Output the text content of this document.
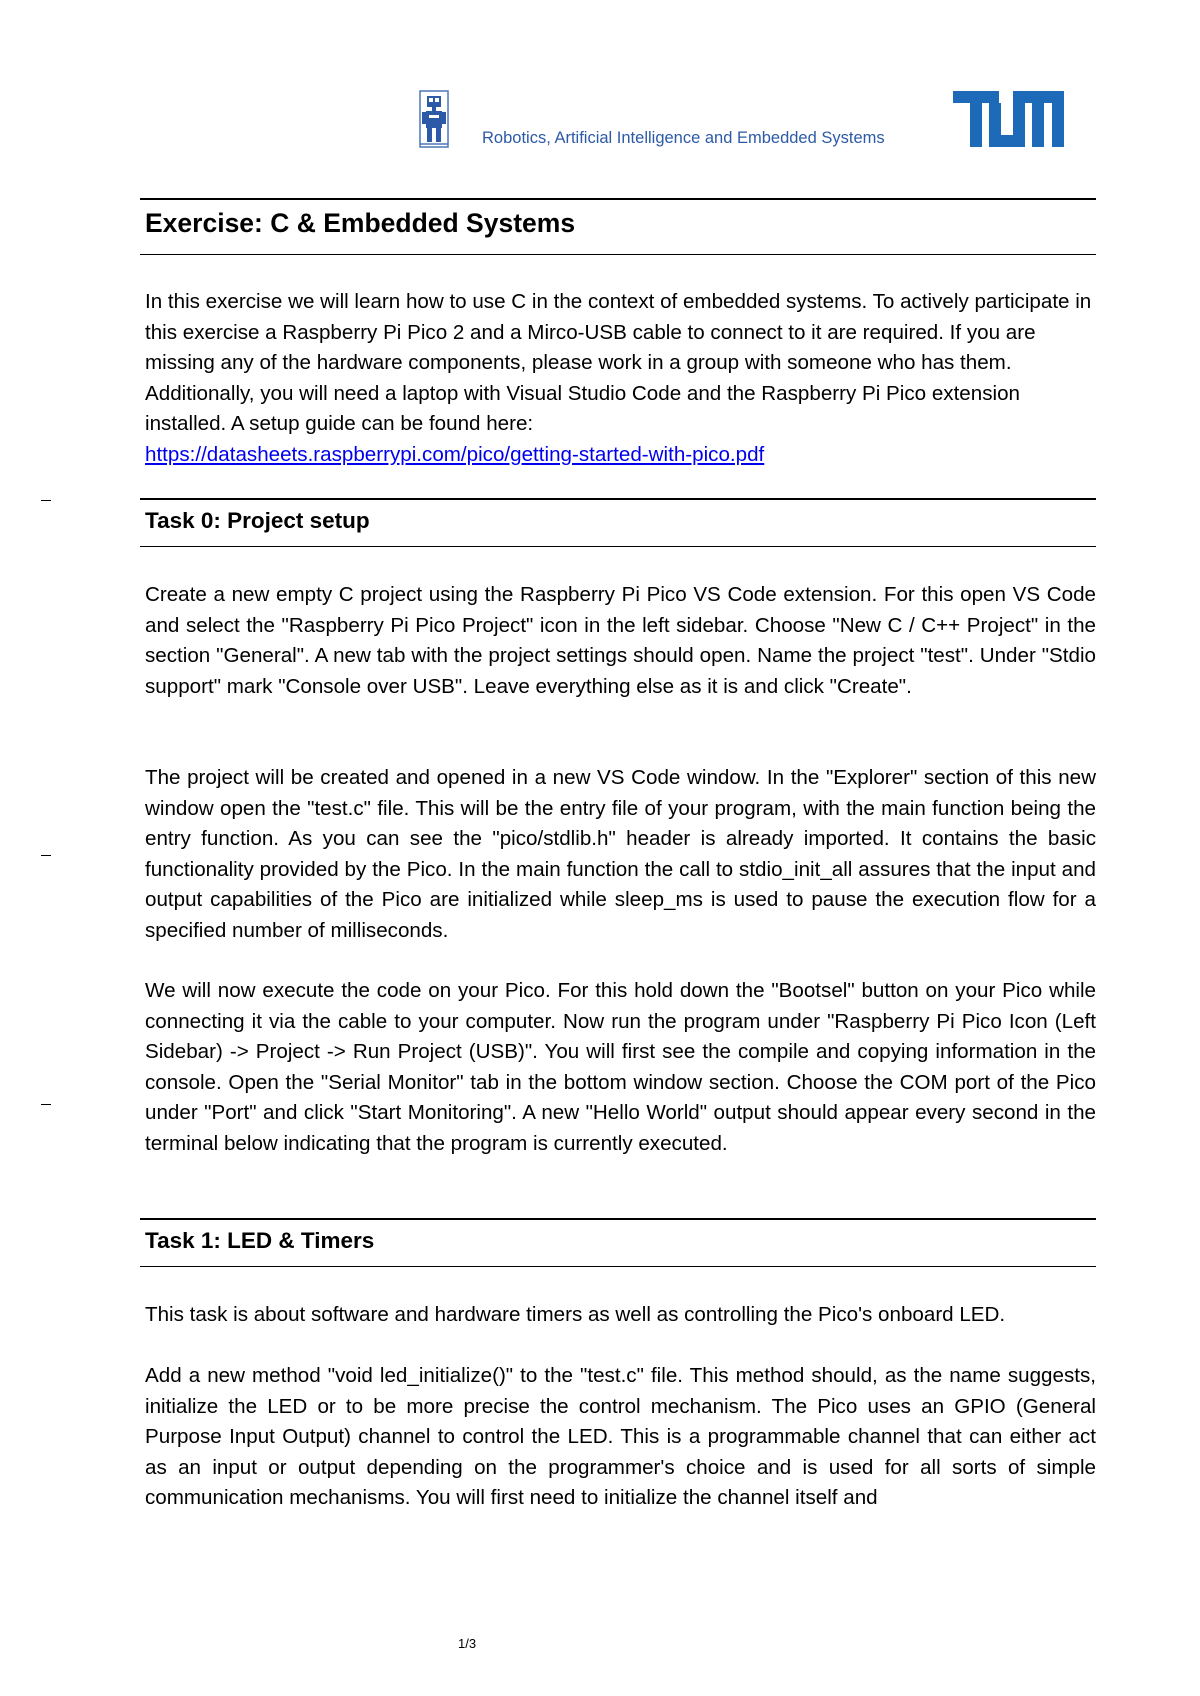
Robotics, Artificial Intelligence and Embedded Systems
Exercise: C & Embedded Systems
In this exercise we will learn how to use C in the context of embedded systems. To actively participate in this exercise a Raspberry Pi Pico 2 and a Mirco-USB cable to connect to it are required. If you are missing any of the hardware components, please work in a group with someone who has them. Additionally, you will need a laptop with Visual Studio Code and the Raspberry Pi Pico extension installed. A setup guide can be found here:
https://datasheets.raspberrypi.com/pico/getting-started-with-pico.pdf
Task 0: Project setup
Create a new empty C project using the Raspberry Pi Pico VS Code extension. For this open VS Code and select the "Raspberry Pi Pico Project" icon in the left sidebar. Choose "New C / C++ Project" in the section "General". A new tab with the project settings should open. Name the project "test". Under "Stdio support" mark "Console over USB". Leave everything else as it is and click "Create".
The project will be created and opened in a new VS Code window. In the "Explorer" section of this new window open the "test.c" file. This will be the entry file of your program, with the main function being the entry function. As you can see the "pico/stdlib.h" header is already imported. It contains the basic functionality provided by the Pico. In the main function the call to stdio_init_all assures that the input and output capabilities of the Pico are initialized while sleep_ms is used to pause the execution flow for a specified number of milliseconds.
We will now execute the code on your Pico. For this hold down the "Bootsel" button on your Pico while connecting it via the cable to your computer. Now run the program under "Raspberry Pi Pico Icon (Left Sidebar) -> Project -> Run Project (USB)". You will first see the compile and copying information in the console. Open the "Serial Monitor" tab in the bottom window section. Choose the COM port of the Pico under "Port" and click "Start Monitoring". A new "Hello World" output should appear every second in the terminal below indicating that the program is currently executed.
Task 1: LED & Timers
This task is about software and hardware timers as well as controlling the Pico's onboard LED.
Add a new method "void led_initialize()" to the "test.c" file. This method should, as the name suggests, initialize the LED or to be more precise the control mechanism. The Pico uses an GPIO (General Purpose Input Output) channel to control the LED. This is a programmable channel that can either act as an input or output depending on the programmer's choice and is used for all sorts of simple communication mechanisms. You will first need to initialize the channel itself and
1/3
